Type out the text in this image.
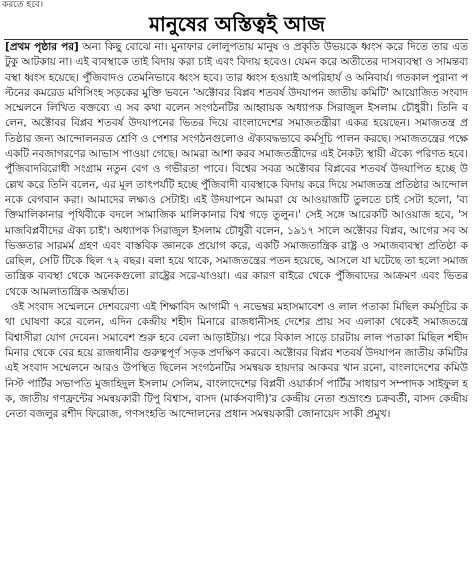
করতে হবে।
মানুষের অস্তিত্বই আজ

[প্রথম পৃষ্ঠার পর] অন্য কিছু বোঝে না। মুনাফার লোলুপতায় মানুষ ও প্রকৃতি উভয়কে ধ্বংস করে দিতে তার এতটুকু আটকায় না। এই ব্যবস্থাকে তাই বিদায় করা চাই এবং বিদায় হবেও। যেমন করে অতীতের দাসব্যবস্থা ও সামন্তব্যবস্থা ধ্বংস হয়েছে। পুঁজিবাদও তেমনিভাবে ধ্বংস হবে। তার ধ্বংস হওয়াই অপরিহার্য ও অনিবার্য। গতকাল পুরানা পল্টনের কমরেড মণিসিংহ সড়কের মুক্তি ভবনে 'অক্টোবর বিপ্লব শতবর্ষ উদযাপন জাতীয় কমিটি' আয়োজিত সংবাদ সম্মেলনে লিখিত বক্তব্যে এ সব কথা বলেন সংগঠনটির আহ্বায়ক অধ্যাপক সিরাজুল ইসলাম চৌধুরী। তিনি বলেন, অক্টোবর বিপ্লব শতবর্ষ উদযাপনের ভিতর দিয়ে বাংলাদেশের সমাজতন্ত্রীরা একত্র হয়েছেন। সমাজতন্ত্র প্রতিষ্ঠার জন্য আন্দোলনরত শ্রেণি ও পেশার সংগঠনগুলোও ঐক্যবদ্ধভাবে কর্মসূচি পালন করছে। সমাজতন্ত্রের পক্ষে একটি নবজাগরণের আভাস পাওয়া গেছে। আমরা আশা করব সমাজতন্ত্রীদের এই নৈকট্য স্থায়ী ঐক্যে পরিণত হবে। পুঁজিবাদবিরোধী সংগ্রাম নতুন বেগ ও গভীরতা পাবে। বিশ্বের সবত্র অক্টোবর বিপ্লবের শতবর্ষ উদযাপিত হচ্ছে উল্লেখ করে তিনি বলেন, এর মূল তাৎপর্যটি হচ্ছে পুঁজিবাদী ব্যবস্থাকে বিদায় করে দিয়ে সমাজতন্ত্র প্রতিষ্ঠার আন্দোলনকে বেগবান করা। আমাদের লক্ষ্যও সেটাই। এই উদযাপনে আমরা যে আওয়াজটি তুলতে চাই সেটা হলো, 'ব্যক্তিমালিকানার পৃথিবীকে বদলে সামাজিক মালিকানার বিশ্ব গড়ে তুলুন।' সেই সঙ্গে আরেকটি আওয়াজ হবে, 'সমাজবিপ্লবীদের ঐক্য চাই'। অধ্যাপক সিরাজুল ইসলাম চৌধুরী বলেন, ১৯১৭ সালে অক্টোবর বিপ্লব, আগের সব অভিজ্ঞতার সারমর্ম গ্রহণ এবং বাস্তবিক জ্ঞানকে প্রয়োগ করে, একটি সমাজতান্ত্রিক রাষ্ট্র ও সমাজব্যবস্থা প্রতিষ্ঠা করেছিল, সেটি টিকে ছিল ৭২ বছর। বলা হয়ে থাকে, সমাজতন্ত্রের পতন হয়েছে, আসলে যা ঘটেছে তা হলো সমাজতান্ত্রিক ব্যবস্থা থেকে অনেকগুলো রাষ্ট্রের সরে-যাওয়া। এর কারণ বাইরে থেকে পুঁজিবাদের আক্রমণ এবং ভিতর থেকে আমলাতান্ত্রিক অন্তর্ঘাত।

ওই সংবাদ সম্মেলনে দেশবরেণ্য এই শিক্ষাবিদ আগামী ৭ নভেম্বর মহাসমাবেশ ও লাল পতাকা মিছিল কর্মসূচির কথা ঘোষণা করে বলেন, এদিন কেন্দ্রীয় শহীদ মিনারে রাজধানীসহ দেশের প্রায় সব এলাকা থেকেই সমাজতন্ত্রে বিশ্বাসীরা যোগ দেবেন। সমাবেশ শুরু হবে বেলা আড়াইটায়। পরে বিকাল সাড়ে চারটায় লাল পতাকা মিছিল শহীদ মিনার থেকে বের হয়ে রাজধানীর গুরুত্বপূর্ণ সড়ক প্রদক্ষিণ করবে। অক্টোবর বিপ্লব শতবর্ষ উদযাপন জাতীয় কমিটির এই সংবাদ সম্মেলনে আরও উপস্থিত ছিলেন সংগঠনটির সমন্বয়ক হায়দার আকবর খান রনো, বাংলাদেশের কমিউনিস্ট পার্টির সভাপতি মুজাহিদুল ইসলাম সেলিম, বাংলাদেশের বিপ্লবী ওয়ার্কার্স পার্টির সাধারণ সম্পাদক সাইফুল হক, জাতীয় গণফ্রন্টের সমন্বয়কারী টিপু বিশ্বাস, বাসদ (মার্কসবাদী)'র কেন্দ্রীয় নেতা শুভ্রাংশু চক্রবর্তী, বাসদ কেন্দ্রীয় নেতা বজলুর রশীদ ফিরোজ, গণসংহতি আন্দোলনের প্রধান সমন্বয়কারী জোনায়েদ সাকী প্রমুখ।
